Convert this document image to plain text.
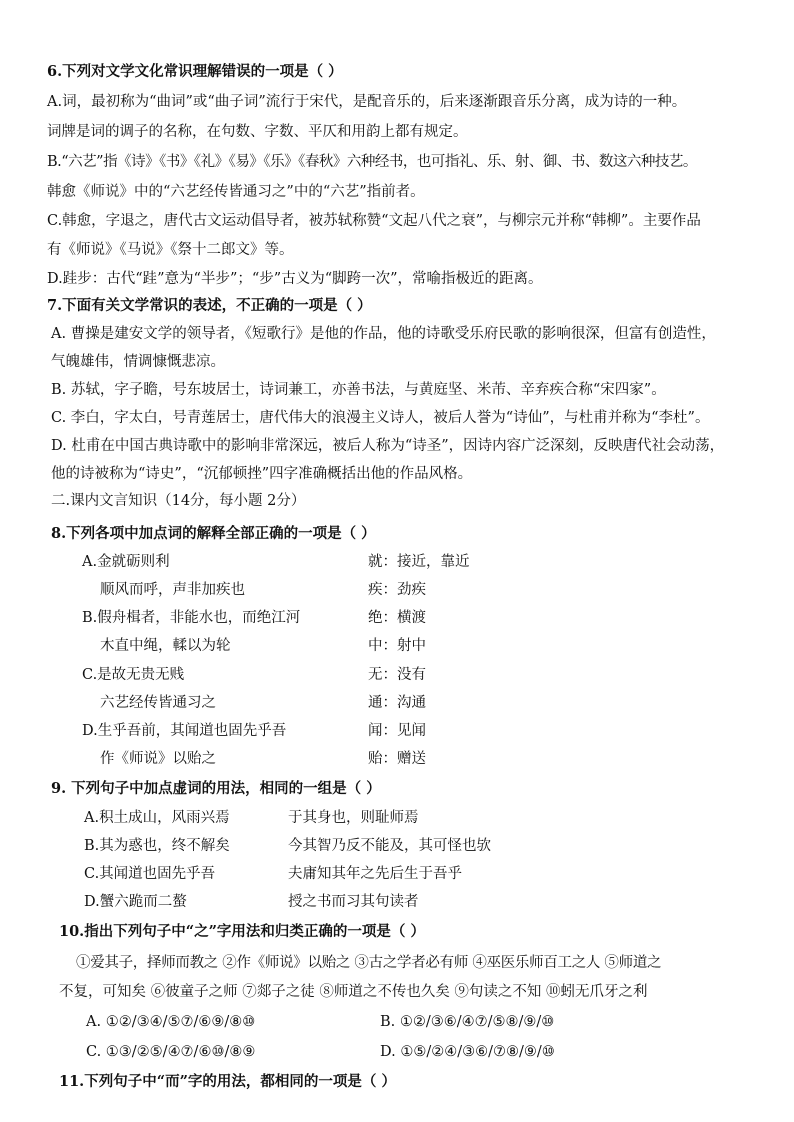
6.下列对文学文化常识理解错误的一项是（ ）
A.词，最初称为“曲词”或“曲子词”流行于宋代，是配音乐的，后来逐渐跟音乐分离，成为诗的一种。
词牌是词的调子的名称，在句数、字数、平仄和用韵上都有规定。
B.“六艺”指《诗》《书》《礼》《易》《乐》《春秋》六种经书，也可指礼、乐、射、御、书、数这六种技艺。
韩愈《师说》中的“六艺经传皆通习之”中的“六艺”指前者。
C.韩愈，字退之，唐代古文运动倡导者，被苏轼称赞“文起八代之衰”，与柳宗元并称“韩柳”。主要作品
有《师说》《马说》《祭十二郎文》等。
D.跬步：古代“跬”意为“半步”；“步”古义为“脚跨一次”，常喻指极近的距离。
7.下面有关文学常识的表述，不正确的一项是（ ）
A. 曹操是建安文学的领导者，《短歌行》是他的作品，他的诗歌受乐府民歌的影响很深，但富有创造性，
气魄雄伟，情调慷慨悲凉。
B. 苏轼，字子瞻，号东坡居士，诗词兼工，亦善书法，与黄庭坚、米芾、辛弃疾合称“宋四家”。
C. 李白，字太白，号青莲居士，唐代伟大的浪漫主义诗人，被后人誉为“诗仙”，与杜甫并称为“李杜”。
D. 杜甫在中国古典诗歌中的影响非常深远，被后人称为“诗圣”，因诗内容广泛深刻，反映唐代社会动荡，
他的诗被称为“诗史”，“沉郁顿挫”四字准确概括出他的作品风格。
二.课内文言知识（14分，每小题 2分）
8.下列各项中加点词的解释全部正确的一项是（ ）
A.金就砺则利	就：接近，靠近
顺风而呼，声非加疾也	疾：劲疾
B.假舟楫者，非能水也，而绝江河	绝：横渡
木直中绳，輮以为轮	中：射中
C.是故无贵无贱	无：没有
六艺经传皆通习之	通：沟通
D.生乎吾前，其闻道也固先乎吾	闻：见闻
作《师说》以贻之	贻：赠送
9. 下列句子中加点虚词的用法，相同的一组是（ ）
A.积土成山，风雨兴焉	于其身也，则耻师焉
B.其为惑也，终不解矣	今其智乃反不能及，其可怪也欤
C.其闻道也固先乎吾	夫庸知其年之先后生于吾乎
D.蟹六跪而二螯	授之书而习其句读者
10.指出下列句子中“之”字用法和归类正确的一项是（ ）
①爱其子，择师而教之 ②作《师说》以贻之 ③古之学者必有师 ④巫医乐师百工之人 ⑤师道之
不复，可知矣 ⑥彼童子之师 ⑦郯子之徒 ⑧师道之不传也久矣 ⑨句读之不知 ⑩蚓无爪牙之利
A. ①②/③④/⑤⑦/⑥⑨/⑧⑩	B. ①②/③⑥/④⑦/⑤⑧/⑨/⑩
C. ①③/②⑤/④⑦/⑥⑩/⑧⑨	D. ①⑤/②④/③⑥/⑦⑧/⑨/⑩
11.下列句子中“而”字的用法，都相同的一项是（ ）
